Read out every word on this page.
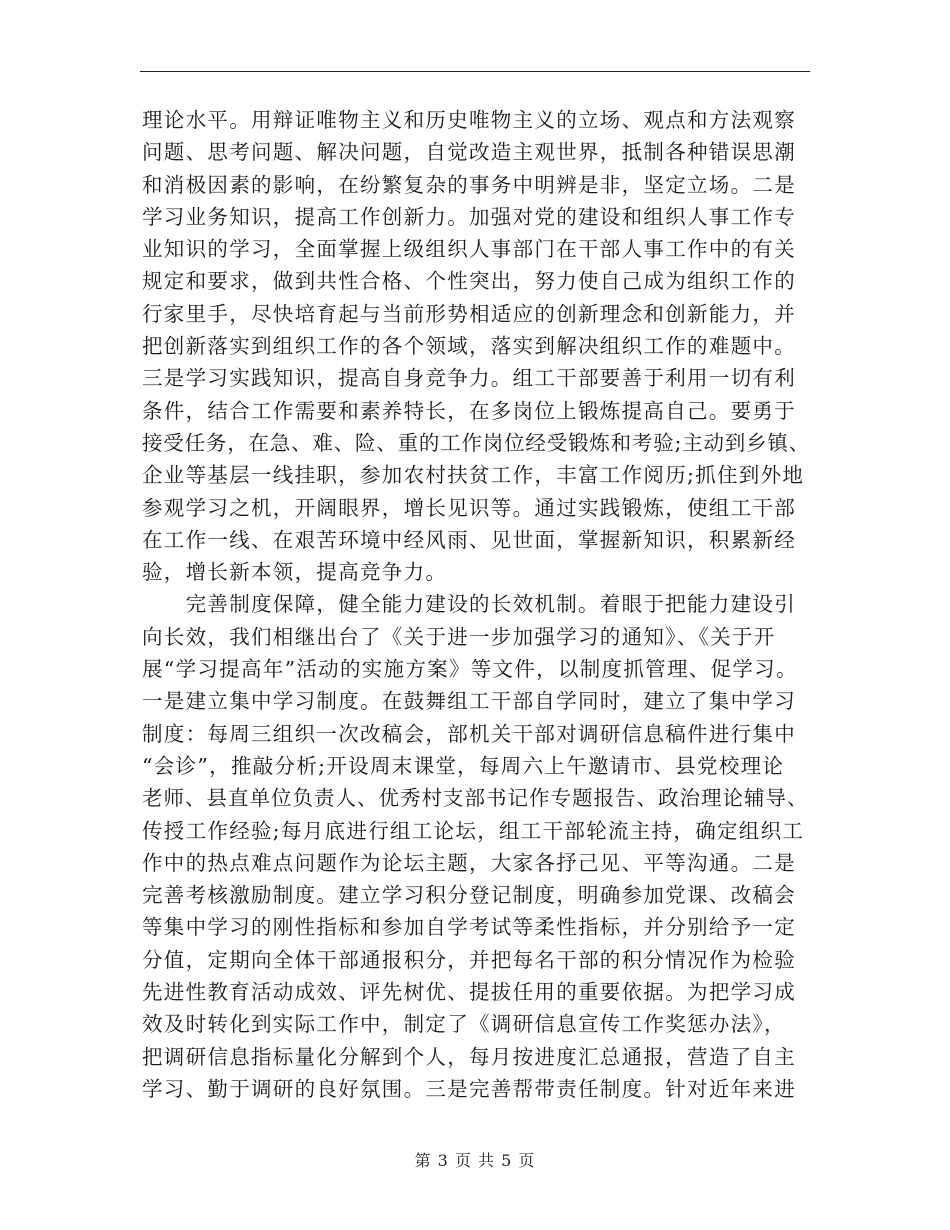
理论水平。用辩证唯物主义和历史唯物主义的立场、观点和方法观察
问题、思考问题、解决问题，自觉改造主观世界，抵制各种错误思潮
和消极因素的影响，在纷繁复杂的事务中明辨是非，坚定立场。二是
学习业务知识，提高工作创新力。加强对党的建设和组织人事工作专
业知识的学习，全面掌握上级组织人事部门在干部人事工作中的有关
规定和要求，做到共性合格、个性突出，努力使自己成为组织工作的
行家里手，尽快培育起与当前形势相适应的创新理念和创新能力，并
把创新落实到组织工作的各个领域，落实到解决组织工作的难题中。
三是学习实践知识，提高自身竞争力。组工干部要善于利用一切有利
条件，结合工作需要和素养特长，在多岗位上锻炼提高自己。要勇于
接受任务，在急、难、险、重的工作岗位经受锻炼和考验;主动到乡镇、
企业等基层一线挂职，参加农村扶贫工作，丰富工作阅历;抓住到外地
参观学习之机，开阔眼界，增长见识等。通过实践锻炼，使组工干部
在工作一线、在艰苦环境中经风雨、见世面，掌握新知识，积累新经
验，增长新本领，提高竞争力。
　　完善制度保障，健全能力建设的长效机制。着眼于把能力建设引
向长效，我们相继出台了《关于进一步加强学习的通知》、《关于开
展“学习提高年”活动的实施方案》等文件，以制度抓管理、促学习。
一是建立集中学习制度。在鼓舞组工干部自学同时，建立了集中学习
制度：每周三组织一次改稿会，部机关干部对调研信息稿件进行集中
“会诊”，推敲分析;开设周末课堂，每周六上午邀请市、县党校理论
老师、县直单位负责人、优秀村支部书记作专题报告、政治理论辅导、
传授工作经验;每月底进行组工论坛，组工干部轮流主持，确定组织工
作中的热点难点问题作为论坛主题，大家各抒己见、平等沟通。二是
完善考核激励制度。建立学习积分登记制度，明确参加党课、改稿会
等集中学习的刚性指标和参加自学考试等柔性指标，并分别给予一定
分值，定期向全体干部通报积分，并把每名干部的积分情况作为检验
先进性教育活动成效、评先树优、提拔任用的重要依据。为把学习成
效及时转化到实际工作中，制定了《调研信息宣传工作奖惩办法》，
把调研信息指标量化分解到个人，每月按进度汇总通报，营造了自主
学习、勤于调研的良好氛围。三是完善帮带责任制度。针对近年来进
第 3 页 共 5 页
